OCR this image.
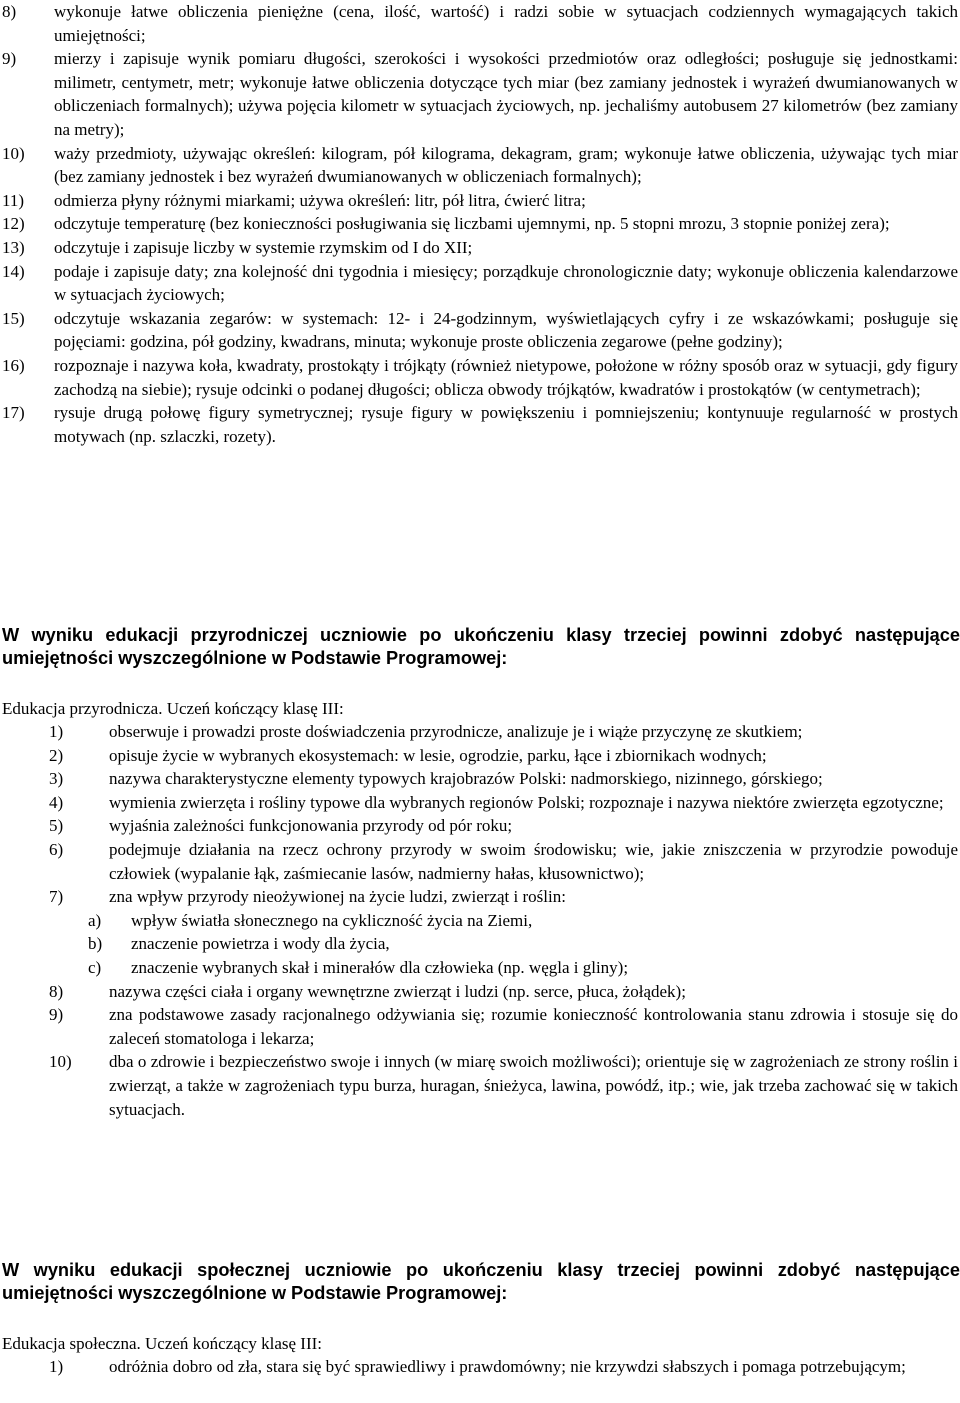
8) wykonuje łatwe obliczenia pieniężne (cena, ilość, wartość) i radzi sobie w sytuacjach codziennych wymagających takich umiejętności;
9) mierzy i zapisuje wynik pomiaru długości, szerokości i wysokości przedmiotów oraz odległości; posługuje się jednostkami: milimetr, centymetr, metr; wykonuje łatwe obliczenia dotyczące tych miar (bez zamiany jednostek i wyrażeń dwumianowanych w obliczeniach formalnych); używa pojęcia kilometr w sytuacjach życiowych, np. jechaliśmy autobusem 27 kilometrów (bez zamiany na metry);
10) waży przedmioty, używając określeń: kilogram, pół kilograma, dekagram, gram; wykonuje łatwe obliczenia, używając tych miar (bez zamiany jednostek i bez wyrażeń dwumianowanych w obliczeniach formalnych);
11) odmierza płyny różnymi miarkami; używa określeń: litr, pół litra, ćwierć litra;
12) odczytuje temperaturę (bez konieczności posługiwania się liczbami ujemnymi, np. 5 stopni mrozu, 3 stopnie poniżej zera);
13) odczytuje i zapisuje liczby w systemie rzymskim od I do XII;
14) podaje i zapisuje daty; zna kolejność dni tygodnia i miesięcy; porządkuje chronologicznie daty; wykonuje obliczenia kalendarzowe w sytuacjach życiowych;
15) odczytuje wskazania zegarów: w systemach: 12- i 24-godzinnym, wyświetlających cyfry i ze wskazówkami; posługuje się pojęciami: godzina, pół godziny, kwadrans, minuta; wykonuje proste obliczenia zegarowe (pełne godziny);
16) rozpoznaje i nazywa koła, kwadraty, prostokąty i trójkąty (również nietypowe, położone w różny sposób oraz w sytuacji, gdy figury zachodzą na siebie); rysuje odcinki o podanej długości; oblicza obwody trójkątów, kwadratów i prostokątów (w centymetrach);
17) rysuje drugą połowę figury symetrycznej; rysuje figury w powiększeniu i pomniejszeniu; kontynuuje regularność w prostych motywach (np. szlaczki, rozety).
W wyniku edukacji przyrodniczej uczniowie po ukończeniu klasy trzeciej powinni zdobyć następujące umiejętności wyszczególnione w Podstawie Programowej:
Edukacja przyrodnicza. Uczeń kończący klasę III:
1)	obserwuje i prowadzi proste doświadczenia przyrodnicze, analizuje je i wiąże przyczynę ze skutkiem;
2)	opisuje życie w wybranych ekosystemach: w lesie, ogrodzie, parku, łące i zbiornikach wodnych;
3)	nazywa charakterystyczne elementy typowych krajobrazów Polski: nadmorskiego, nizinnego, górskiego;
4)	wymienia zwierzęta i rośliny typowe dla wybranych regionów Polski; rozpoznaje i nazywa niektóre zwierzęta egzotyczne;
5)	wyjaśnia zależności funkcjonowania przyrody od pór roku;
6)	podejmuje działania na rzecz ochrony przyrody w swoim środowisku; wie, jakie zniszczenia w przyrodzie powoduje człowiek (wypalanie łąk, zaśmiecanie lasów, nadmierny hałas, kłusownictwo);
7)	zna wpływ przyrody nieożywionej na życie ludzi, zwierząt i roślin:
a) wpływ światła słonecznego na cykliczność życia na Ziemi,
b) znaczenie powietrza i wody dla życia,
c) znaczenie wybranych skał i minerałów dla człowieka (np. węgla i gliny);
8)	nazywa części ciała i organy wewnętrzne zwierząt i ludzi (np. serce, płuca, żołądek);
9)	zna podstawowe zasady racjonalnego odżywiania się; rozumie konieczność kontrolowania stanu zdrowia i stosuje się do zaleceń stomatologa i lekarza;
10) dba o zdrowie i bezpieczeństwo swoje i innych (w miarę swoich możliwości); orientuje się w zagrożeniach ze strony roślin i zwierząt, a także w zagrożeniach typu burza, huragan, śnieżyca, lawina, powódź, itp.; wie, jak trzeba zachować się w takich sytuacjach.
W wyniku edukacji społecznej uczniowie po ukończeniu klasy trzeciej powinni zdobyć następujące umiejętności wyszczególnione w Podstawie Programowej:
Edukacja społeczna. Uczeń kończący klasę III:
1)	odróżnia dobro od zła, stara się być sprawiedliwy i prawdomówny; nie krzywdzi słabszych i pomaga potrzebującym;
